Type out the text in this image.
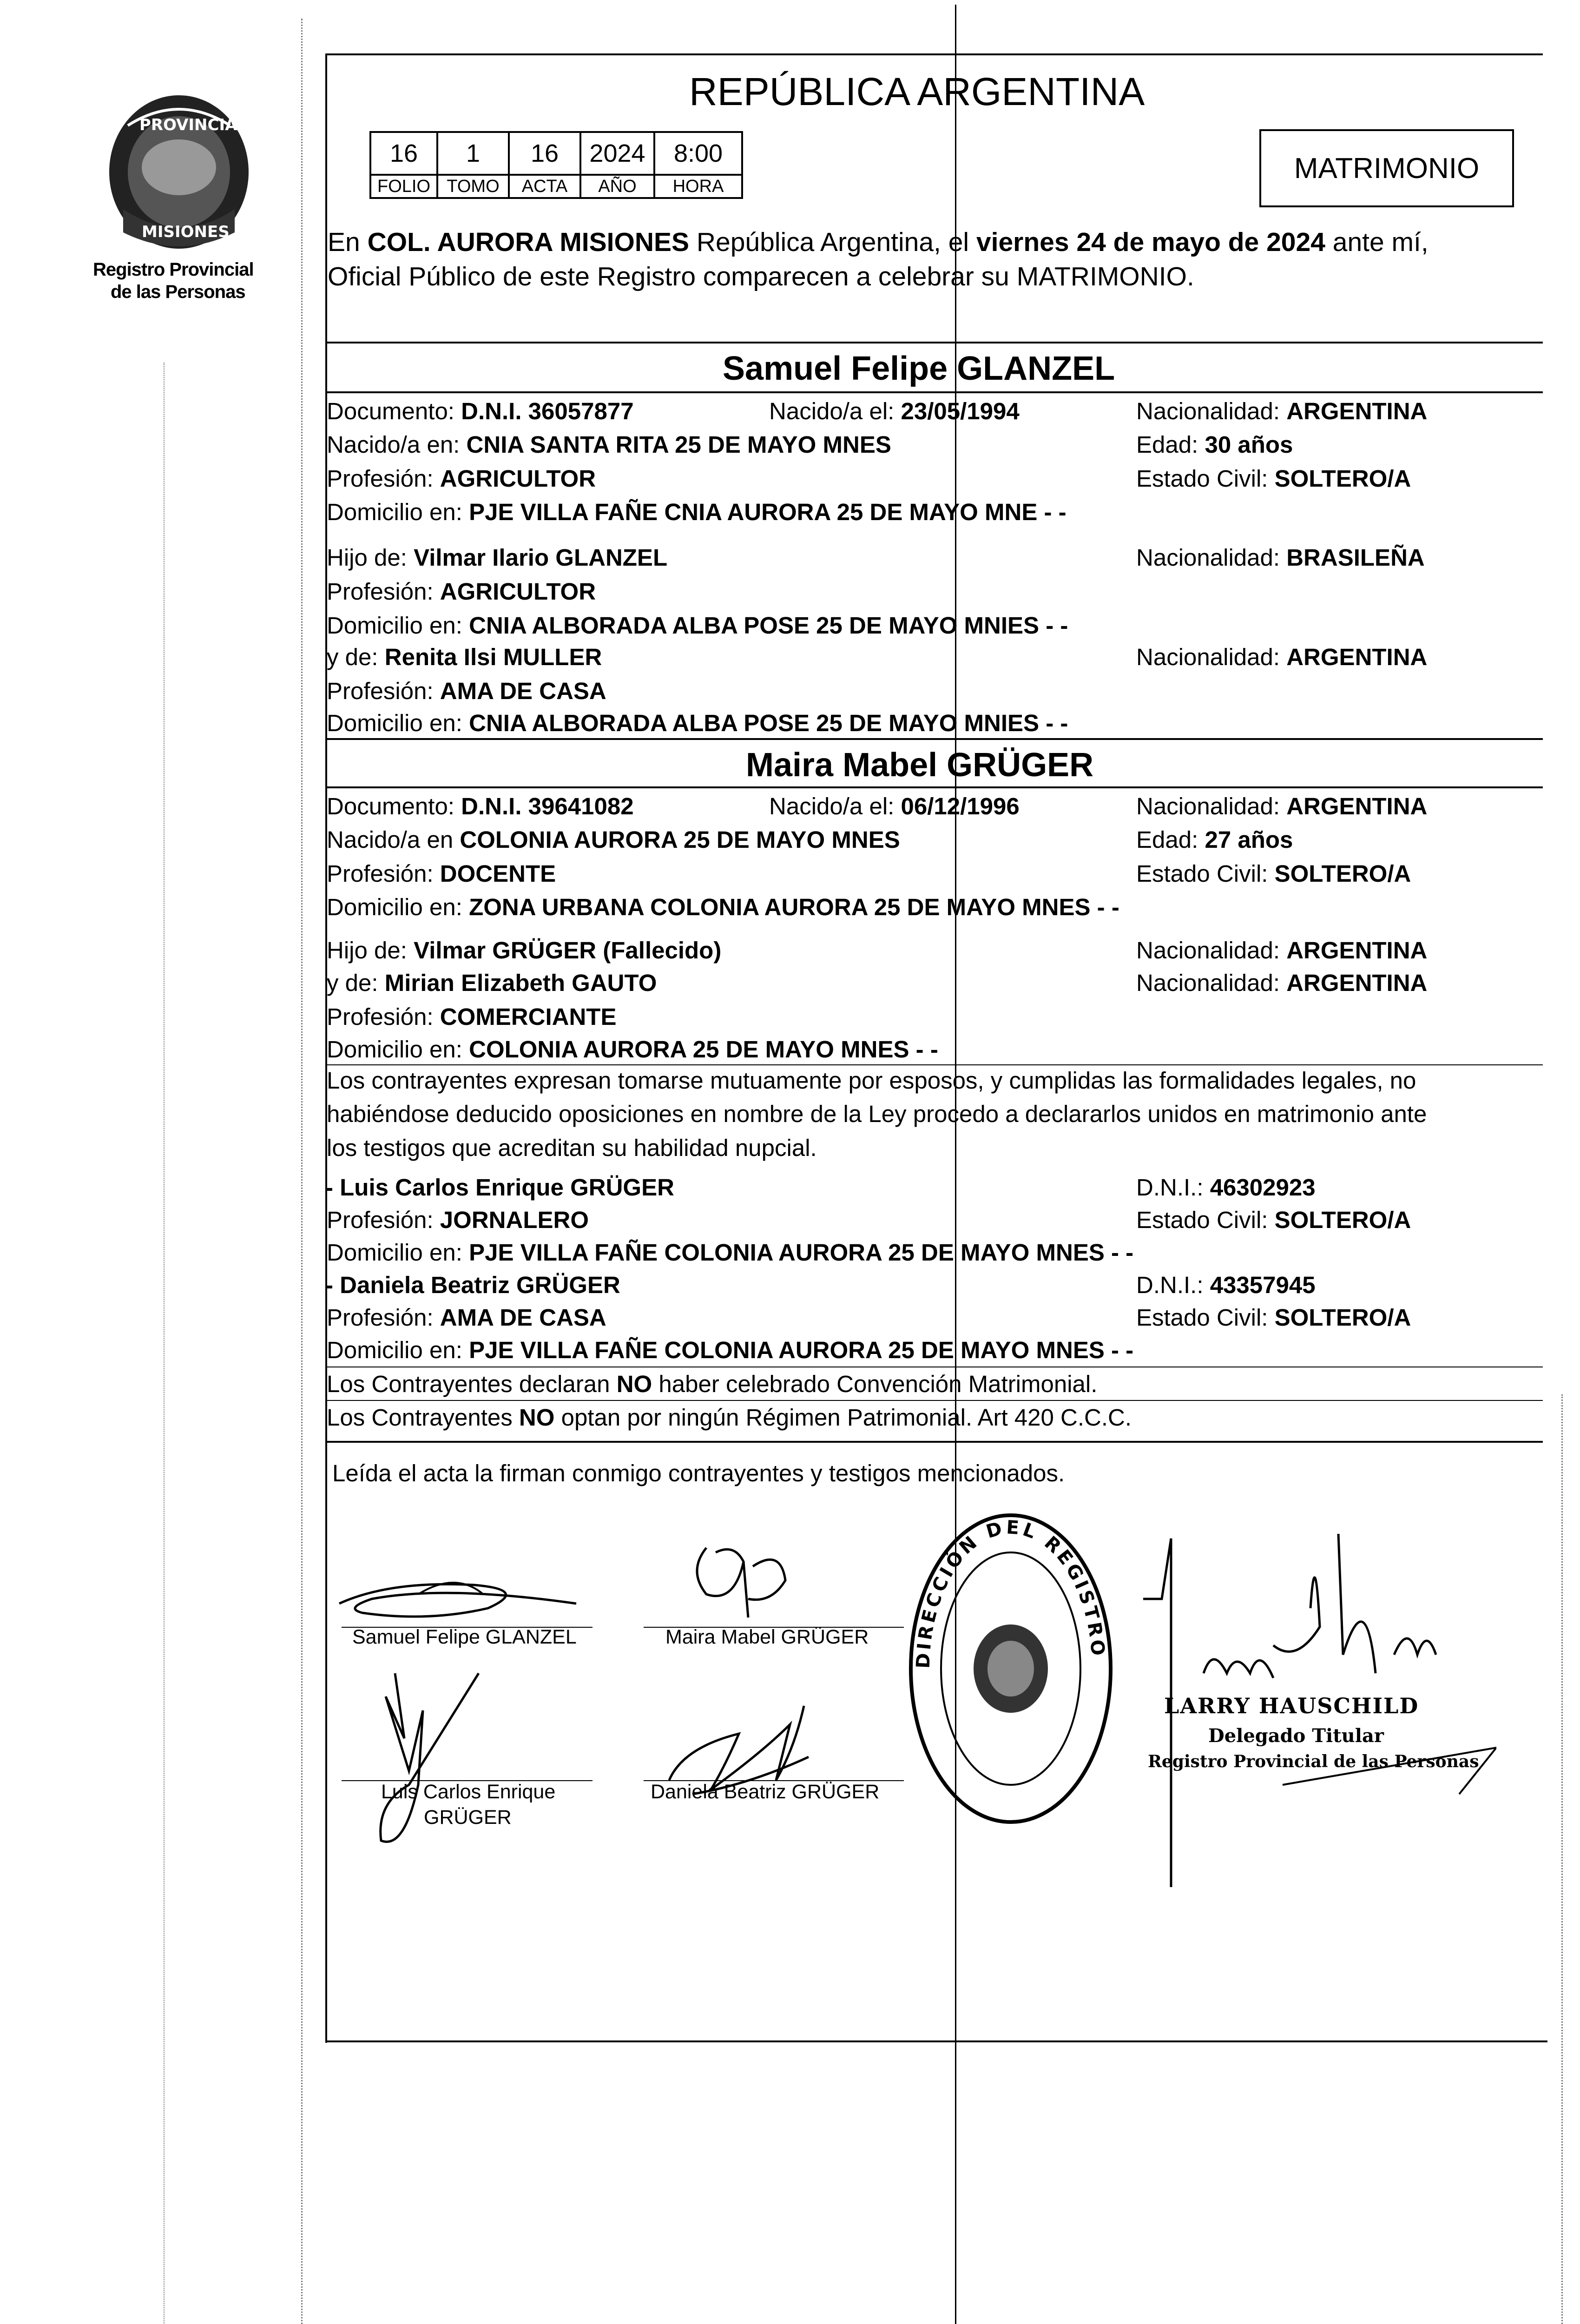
PROVINCIA DE
MISIONES
Registro Provincial
de las Personas
REPÚBLICA ARGENTINA
16	1	16	2024	8:00
FOLIO	TOMO	ACTA	AÑO	HORA
MATRIMONIO
En COL. AURORA MISIONES República Argentina, el viernes 24 de mayo de 2024 ante mí,
Oficial Público de este Registro comparecen a celebrar su MATRIMONIO.
Samuel Felipe GLANZEL
Documento: D.N.I. 36057877	Nacido/a el: 23/05/1994	Nacionalidad: ARGENTINA
Nacido/a en: CNIA SANTA RITA 25 DE MAYO MNES	Edad: 30 años
Profesión: AGRICULTOR	Estado Civil: SOLTERO/A
Domicilio en: PJE VILLA FAÑE CNIA AURORA 25 DE MAYO MNE - -
Hijo de: Vilmar Ilario GLANZEL	Nacionalidad: BRASILEÑA
Profesión: AGRICULTOR
Domicilio en: CNIA ALBORADA ALBA POSE 25 DE MAYO MNIES - -
y de: Renita Ilsi MULLER	Nacionalidad: ARGENTINA
Profesión: AMA DE CASA
Domicilio en: CNIA ALBORADA ALBA POSE 25 DE MAYO MNIES - -
Maira Mabel GRÜGER
Documento: D.N.I. 39641082	Nacido/a el: 06/12/1996	Nacionalidad: ARGENTINA
Nacido/a en COLONIA AURORA 25 DE MAYO MNES	Edad: 27 años
Profesión: DOCENTE	Estado Civil: SOLTERO/A
Domicilio en: ZONA URBANA COLONIA AURORA 25 DE MAYO MNES - -
Hijo de: Vilmar GRÜGER (Fallecido)	Nacionalidad: ARGENTINA
y de: Mirian Elizabeth GAUTO	Nacionalidad: ARGENTINA
Profesión: COMERCIANTE
Domicilio en: COLONIA AURORA 25 DE MAYO MNES - -
Los contrayentes expresan tomarse mutuamente por esposos, y cumplidas las formalidades legales, no
habiéndose deducido oposiciones en nombre de la Ley procedo a declararlos unidos en matrimonio ante
los testigos que acreditan su habilidad nupcial.
- Luis Carlos Enrique GRÜGER	D.N.I.: 46302923
Profesión: JORNALERO	Estado Civil: SOLTERO/A
Domicilio en: PJE VILLA FAÑE COLONIA AURORA 25 DE MAYO MNES - -
- Daniela Beatriz GRÜGER	D.N.I.: 43357945
Profesión: AMA DE CASA	Estado Civil: SOLTERO/A
Domicilio en: PJE VILLA FAÑE COLONIA AURORA 25 DE MAYO MNES - -
Los Contrayentes declaran NO haber celebrado Convención Matrimonial.
Los Contrayentes NO optan por ningún Régimen Patrimonial. Art 420 C.C.C.
Leída el acta la firman conmigo contrayentes y testigos mencionados.
Samuel Felipe GLANZEL	Maira Mabel GRÜGER
Luis Carlos Enrique
GRÜGER
Daniela Beatriz GRÜGER
DIRECCIÓN DEL REGISTRO
LARRY HAUSCHILD
Delegado Titular
Registro Provincial de las Personas
